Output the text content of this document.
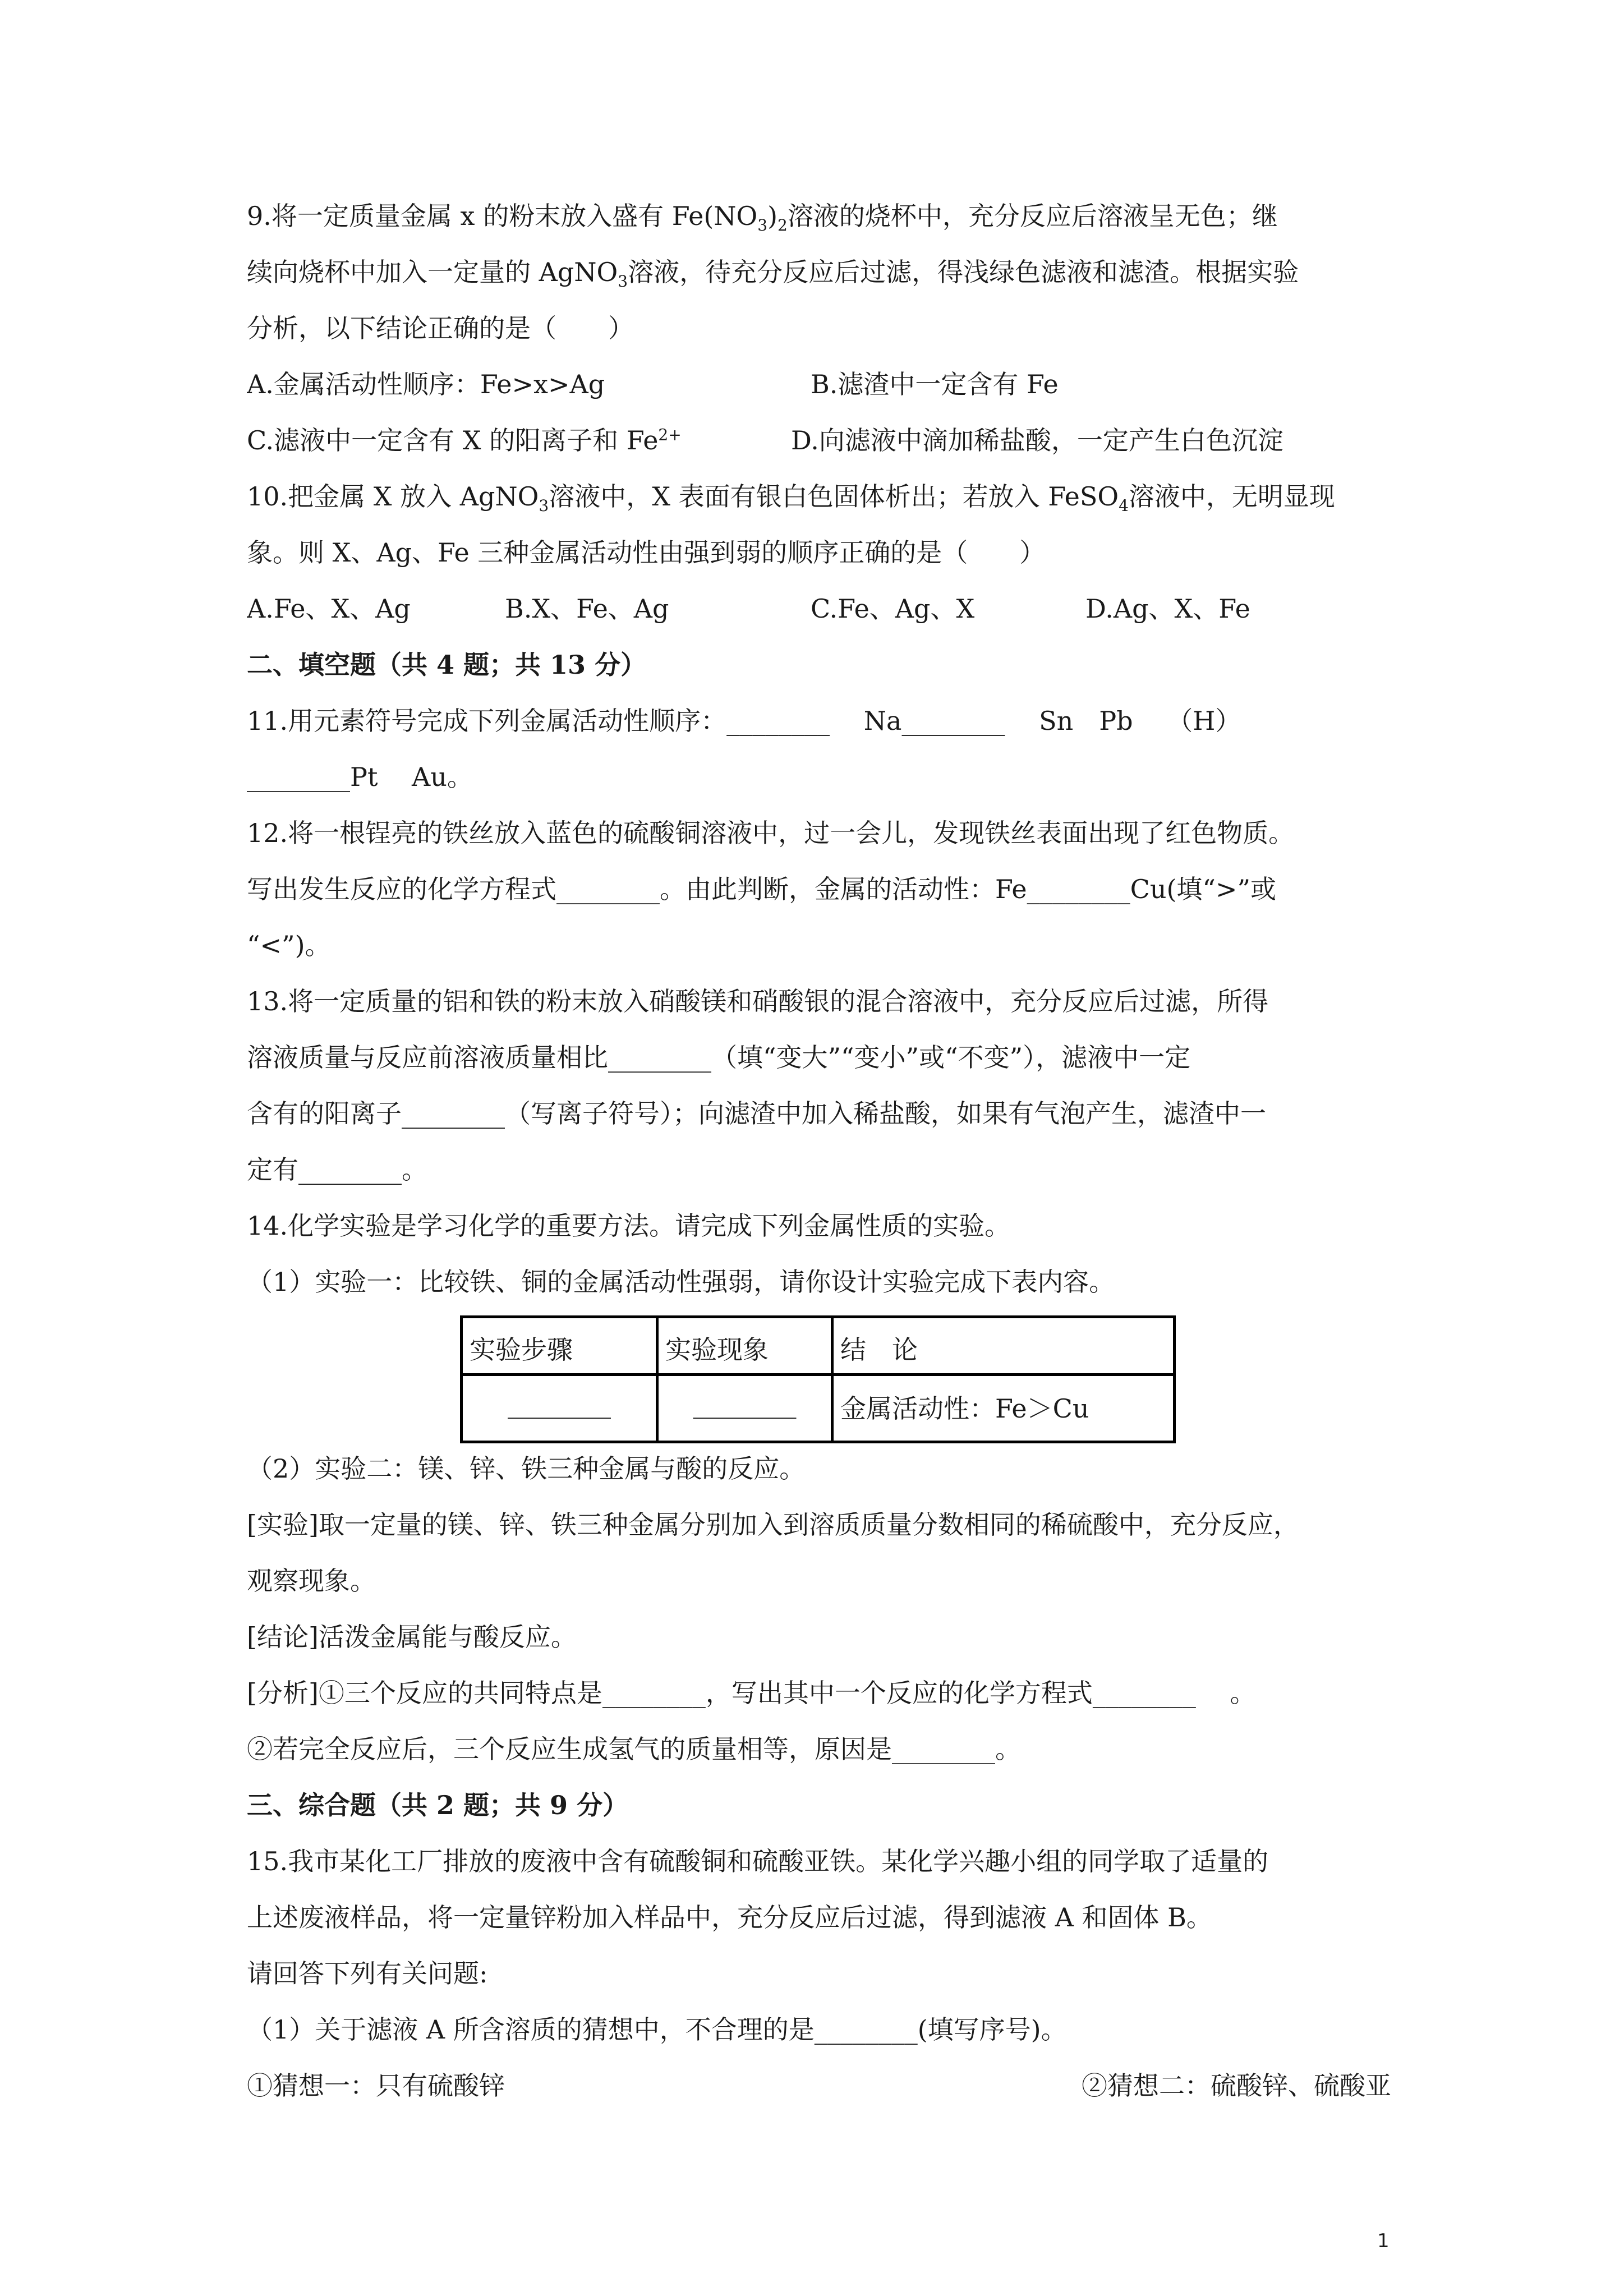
9.将一定质量金属 x 的粉末放入盛有 $Fe(NO_3)_2$溶液的烧杯中，充分反应后溶液呈无色；继
续向烧杯中加入一定量的 AgNO$_3$溶液，待充分反应后过滤，得浅绿色滤液和滤渣。根据实验
分析，以下结论正确的是（　　）
A.金属活动性顺序：Fe>x>Ag	B.滤渣中一定含有 Fe
C.滤液中一定含有 X 的阳离子和 $Fe^{2+}$	D.向滤液中滴加稀盐酸，一定产生白色沉淀
10.把金属 X 放入 AgNO$_3$溶液中，X 表面有银白色固体析出；若放入 FeSO$_4$溶液中，无明显现
象。则 X、Ag、Fe 三种金属活动性由强到弱的顺序正确的是（　　）
A.Fe、X、Ag	B.X、Fe、Ag	C.Fe、Ag、X	D.Ag、X、Fe
二、填空题（共 4 题；共 13 分）
11.用元素符号完成下列金属活动性顺序：________　 Na________　 Sn　Pb　 （H）
________Pt　 Au。
12.将一根锃亮的铁丝放入蓝色的硫酸铜溶液中，过一会儿，发现铁丝表面出现了红色物质。
写出发生反应的化学方程式________。由此判断，金属的活动性：Fe________Cu(填“>”或
“<”)。
13.将一定质量的铝和铁的粉末放入硝酸镁和硝酸银的混合溶液中，充分反应后过滤，所得
溶液质量与反应前溶液质量相比________（填“变大”“变小”或“不变”），滤液中一定
含有的阳离子________（写离子符号）；向滤渣中加入稀盐酸，如果有气泡产生，滤渣中一
定有________。
14.化学实验是学习化学的重要方法。请完成下列金属性质的实验。
（1）实验一：比较铁、铜的金属活动性强弱，请你设计实验完成下表内容。
实验步骤	实验现象	结　论
________	________	金属活动性：Fe＞Cu
（2）实验二：镁、锌、铁三种金属与酸的反应。
[实验]取一定量的镁、锌、铁三种金属分别加入到溶质质量分数相同的稀硫酸中，充分反应，
观察现象。
[结论]活泼金属能与酸反应。
[分析]①三个反应的共同特点是________，写出其中一个反应的化学方程式________　 。
②若完全反应后，三个反应生成氢气的质量相等，原因是________。
三、综合题（共 2 题；共 9 分）
15.我市某化工厂排放的废液中含有硫酸铜和硫酸亚铁。某化学兴趣小组的同学取了适量的
上述废液样品，将一定量锌粉加入样品中，充分反应后过滤，得到滤液 A 和固体 B。
请回答下列有关问题:
（1）关于滤液 A 所含溶质的猜想中，不合理的是________(填写序号)。
①猜想一：只有硫酸锌	②猜想二：硫酸锌、硫酸亚
1
